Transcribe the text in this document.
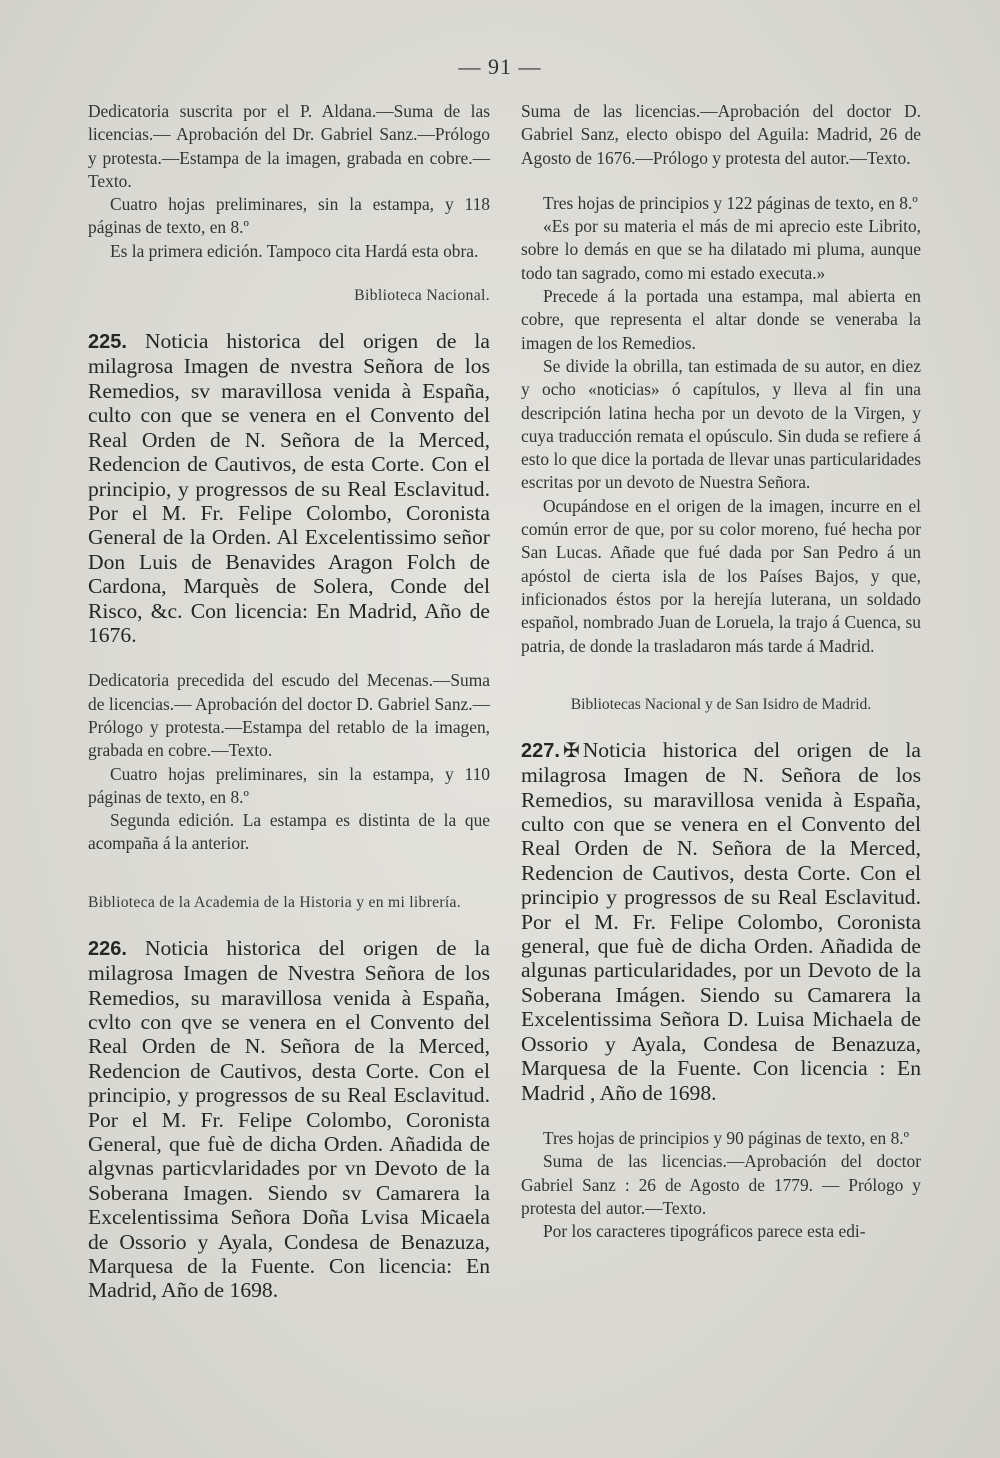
— 91 —

Dedicatoria suscrita por el P. Aldana.—Suma de las licencias.— Aprobación del Dr. Gabriel Sanz.—Prólogo y protesta.—Estampa de la imagen, grabada en cobre.—Texto.

Cuatro hojas preliminares, sin la estampa, y 118 páginas de texto, en 8.º

Es la primera edición. Tampoco cita Hardá esta obra.

Biblioteca Nacional.

225. Noticia historica del origen de la milagrosa Imagen de nvestra Señora de los Remedios, sv maravillosa venida à España, culto con que se venera en el Convento del Real Orden de N. Señora de la Merced, Redencion de Cautivos, de esta Corte. Con el principio, y progressos de su Real Esclavitud. Por el M. Fr. Felipe Colombo, Coronista General de la Orden. Al Excelentissimo señor Don Luis de Benavides Aragon Folch de Cardona, Marquès de Solera, Conde del Risco, &c. Con licencia: En Madrid, Año de 1676.

Dedicatoria precedida del escudo del Mecenas.—Suma de licencias.— Aprobación del doctor D. Gabriel Sanz.—Prólogo y protesta.—Estampa del retablo de la imagen, grabada en cobre.—Texto.

Cuatro hojas preliminares, sin la estampa, y 110 páginas de texto, en 8.º

Segunda edición. La estampa es distinta de la que acompaña á la anterior.

Biblioteca de la Academia de la Historia y en mi librería.

226. Noticia historica del origen de la milagrosa Imagen de Nvestra Señora de los Remedios, su maravillosa venida à España, cvlto con qve se venera en el Convento del Real Orden de N. Señora de la Merced, Redencion de Cautivos, desta Corte. Con el principio, y progressos de su Real Esclavitud. Por el M. Fr. Felipe Colombo, Coronista General, que fuè de dicha Orden. Añadida de algvnas particvlaridades por vn Devoto de la Soberana Imagen. Siendo sv Camarera la Excelentissima Señora Doña Lvisa Micaela de Ossorio y Ayala, Condesa de Benazuza, Marquesa de la Fuente. Con licencia: En Madrid, Año de 1698.

Suma de las licencias.—Aprobación del doctor D. Gabriel Sanz, electo obispo del Aguila: Madrid, 26 de Agosto de 1676.—Prólogo y protesta del autor.—Texto.

Tres hojas de principios y 122 páginas de texto, en 8.º

«Es por su materia el más de mi aprecio este Librito, sobre lo demás en que se ha dilatado mi pluma, aunque todo tan sagrado, como mi estado executa.»

Precede á la portada una estampa, mal abierta en cobre, que representa el altar donde se veneraba la imagen de los Remedios.

Se divide la obrilla, tan estimada de su autor, en diez y ocho «noticias» ó capítulos, y lleva al fin una descripción latina hecha por un devoto de la Virgen, y cuya traducción remata el opúsculo. Sin duda se refiere á esto lo que dice la portada de llevar unas particularidades escritas por un devoto de Nuestra Señora.

Ocupándose en el origen de la imagen, incurre en el común error de que, por su color moreno, fué hecha por San Lucas. Añade que fué dada por San Pedro á un apóstol de cierta isla de los Países Bajos, y que, inficionados éstos por la herejía luterana, un soldado español, nombrado Juan de Loruela, la trajo á Cuenca, su patria, de donde la trasladaron más tarde á Madrid.

Bibliotecas Nacional y de San Isidro de Madrid.

227. ✠ Noticia historica del origen de la milagrosa Imagen de N. Señora de los Remedios, su maravillosa venida à España, culto con que se venera en el Convento del Real Orden de N. Señora de la Merced, Redencion de Cautivos, desta Corte. Con el principio y progressos de su Real Esclavitud. Por el M. Fr. Felipe Colombo, Coronista general, que fuè de dicha Orden. Añadida de algunas particularidades, por un Devoto de la Soberana Imágen. Siendo su Camarera la Excelentissima Señora D. Luisa Michaela de Ossorio y Ayala, Condesa de Benazuza, Marquesa de la Fuente. Con licencia : En Madrid , Año de 1698.

Tres hojas de principios y 90 páginas de texto, en 8.º

Suma de las licencias.—Aprobación del doctor Gabriel Sanz : 26 de Agosto de 1779. — Prólogo y protesta del autor.—Texto.

Por los caracteres tipográficos parece esta edi-
